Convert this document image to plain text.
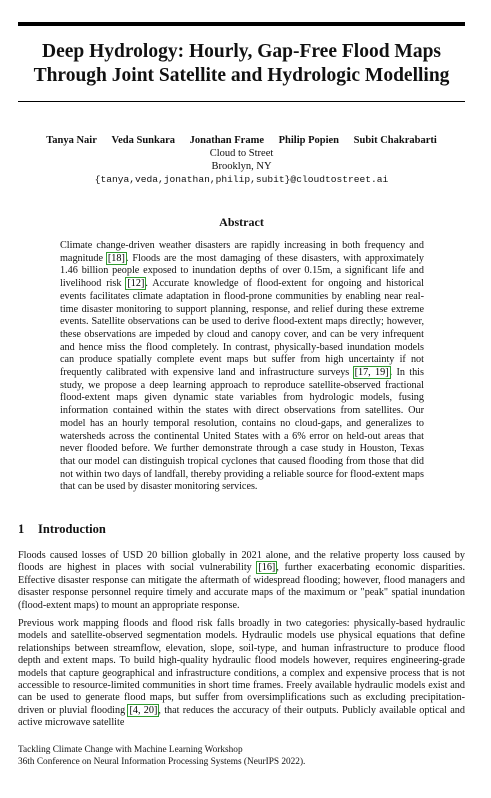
Deep Hydrology: Hourly, Gap-Free Flood Maps Through Joint Satellite and Hydrologic Modelling
Tanya Nair Veda Sunkara Jonathan Frame Philip Popien Subit Chakrabarti
Cloud to Street
Brooklyn, NY
{tanya,veda,jonathan,philip,subit}@cloudtostreet.ai
Abstract
Climate change-driven weather disasters are rapidly increasing in both frequency and magnitude [18]. Floods are the most damaging of these disasters, with approximately 1.46 billion people exposed to inundation depths of over 0.15m, a significant life and livelihood risk [12]. Accurate knowledge of flood-extent for ongoing and historical events facilitates climate adaptation in flood-prone communities by enabling near real-time disaster monitoring to support planning, response, and relief during these extreme events. Satellite observations can be used to derive flood-extent maps directly; however, these observations are impeded by cloud and canopy cover, and can be very infrequent and hence miss the flood completely. In contrast, physically-based inundation models can produce spatially complete event maps but suffer from high uncertainty if not frequently calibrated with expensive land and infrastructure surveys [17, 19]. In this study, we propose a deep learning approach to reproduce satellite-observed fractional flood-extent maps given dynamic state variables from hydrologic models, fusing information contained within the states with direct observations from satellites. Our model has an hourly temporal resolution, contains no cloud-gaps, and generalizes to watersheds across the continental United States with a 6% error on held-out areas that never flooded before. We further demonstrate through a case study in Houston, Texas that our model can distinguish tropical cyclones that caused flooding from those that did not within two days of landfall, thereby providing a reliable source for flood-extent maps that can be used by disaster monitoring services.
1 Introduction

Floods caused losses of USD 20 billion globally in 2021 alone, and the relative property loss caused by floods are highest in places with social vulnerability [16], further exacerbating economic disparities. Effective disaster response can mitigate the aftermath of widespread flooding; however, flood managers and disaster response personnel require timely and accurate maps of the maximum or "peak" spatial inundation (flood-extent maps) to mount an appropriate response.

Previous work mapping floods and flood risk falls broadly in two categories: physically-based hydraulic models and satellite-observed segmentation models. Hydraulic models use physical equations that define relationships between streamflow, elevation, slope, soil-type, and human infrastructure to produce flood depth and extent maps. To build high-quality hydraulic flood models however, requires engineering-grade models that capture geographical and infrastructure conditions, a complex and expensive process that is not accessible to resource-limited communities in short time frames. Freely available hydraulic models exist and can be used to generate flood maps, but suffer from oversimplifications such as excluding precipitation-driven or pluvial flooding [4, 20], that reduces the accuracy of their outputs. Publicly available optical and active microwave satellite

Tackling Climate Change with Machine Learning Workshop
36th Conference on Neural Information Processing Systems (NeurIPS 2022).
